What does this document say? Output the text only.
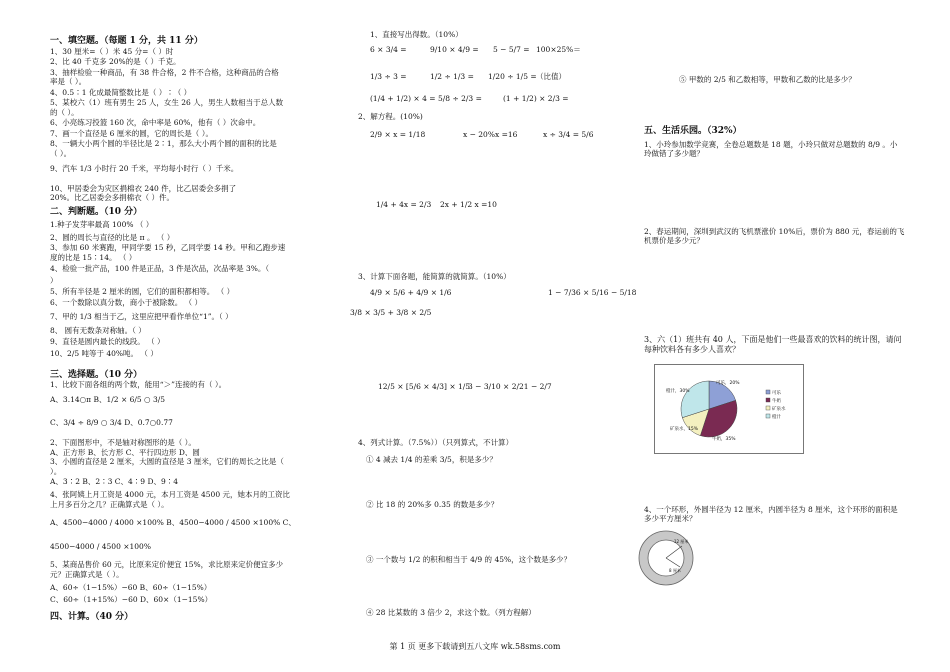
一、填空题。（每题 1 分，共 11 分）
1、30 厘米=（ ）米 45 分=（ ）时
2、比 40 千克多 20%的是（ ）千克。
3、抽样检验一种商品，有 38 件合格，2 件不合格，这种商品的合格
率是（ ）。
4、0.5∶1 化成最简整数比是（ ）∶（ ）
5、某校六（1）班有男生 25 人，女生 26 人，男生人数相当于总人数
的（ ）。
6、小亮练习投篮 160 次，命中率是 60%，他有（ ）次命中。
7、画一个直径是 6 厘米的圆，它的周长是（ ）。
8、一辆大小两个圆的半径比是 2∶1，那么大小两个圆的面积的比是
（ ）。
9、汽车 1/3 小时行 20 千米，平均每小时行（ ）千米。
10、甲居委会为灾区捐棉衣 240 件，比乙居委会多捐了
20%。比乙居委会多捐棉衣（ ）件。
二、判断题。（10 分）
1.种子发芽率最高 100% （ ）
2、圆的周长与直径的比是 π 。 （ ）
3、参加 60 米赛跑，甲同学要 15 秒，乙同学要 14 秒。甲和乙跑步速
度的比是 15∶14。 （ ）
4、检验一批产品，100 件是正品，3 件是次品，次品率是 3%。（
）
5、所有半径是 2 厘米的圆，它们的面积都相等。 （ ）
6、一个数除以真分数，商小于被除数。 （ ）
7、甲的 1/3 相当于乙，这里应把甲看作单位“1”。（ ）
8、 圆有无数条对称轴。（ ）
9、直径是圆内最长的线段。 （ ）
10、2/5 吨等于 40%吨。 （ ）
三、选择题。（10 分）
1、比较下面各组的两个数，能用“＞”连接的有（ ）。
A、3.14○π B、1/2 × 6/5 ○ 3/5
C、3/4 ÷ 8/9 ○ 3/4 D、0.7̇○0.7̇7̇
2、下面图形中，不是轴对称图形的是（ ）。
A、正方形 B、长方形 C、平行四边形 D、圆
3、小圆的直径是 2 厘米，大圆的直径是 3 厘米，它们的周长之比是（
）。
A、3∶2 B、2∶3 C、4∶9 D、9∶4
4、张阿姨上月工资是 4000 元，本月工资是 4500 元，她本月的工资比
上月多百分之几？正确算式是（ ）。
A、4500−4000 / 4000 ×100% B、4500−4000 / 4500 ×100% C、
4500−4000 / 4500 ×100%
5、某商品售价 60 元，比原来定价便宜 15%，求比原来定价便宜多少
元？正确算式是（ ）。
A、60÷（1−15%）−60 B、60÷（1−15%）
C、60÷（1+15%）−60 D、60×（1−15%）
四、计算。（40 分）
1、直接写出得数。（10%）
6 × 3/4 =	9/10 × 4/9 = 5 − 5/7 = 100×25%＝
1/3 ÷ 3 =	1/2 ÷ 1/3 = 1/20 ÷ 1/5 = （比值）
(1/4 + 1/2) × 4 = 5/8 ÷ 2/3 =	(1 + 1/2) × 2/3 =
2、解方程。(10%)
2/9 × x = 1/18	x − 20%x =16	x ÷ 3/4 = 5/6
1/4 + 4x = 2/3 2x + 1/2 x =10
3、计算下面各题，能简算的就简算。（10%）
4/9 × 5/6 + 4/9 × 1/6	1 − 7/36 × 5/16 − 5/18
3/8 × 3/5 + 3/8 × 2/5
12/5 × [5/6 × 4/3] × 1/5
3 − 3/10 × 2/21 − 2/7
4、列式计算。（7.5%））（只列算式，不计算）
① 4 减去 1/4 的差乘 3/5，积是多少？
② 比 18 的 20%多 0.35 的数是多少？
③ 一个数与 1/2 的积和相当于 4/9 的 45%，这个数是多少？
④ 28 比某数的 3 倍少 2，求这个数。（列方程解）
⑤ 甲数的 2/5 和乙数相等，甲数和乙数的比是多少？
五、生活乐园。（32%）
1、小玲参加数学竞赛，全卷总题数是 18 题，小玲只做对总题数的 8/9 。小玲做错了多少题？
2、春运期间，深圳到武汉的飞机票涨价 10%后，票价为 880 元，春运前的飞机票价是多少元？
3、六（1）班共有 40 人，下面是他们一些最喜欢的饮料的统计图，请问每种饮料各有多少人喜欢？
可乐，20%
牛奶，35%
矿泉水，15%
橙汁，30%	可乐
牛奶
矿泉水
橙汁
4、一个环形，外圆半径为 12 厘米，内圆半径为 8 厘米，这个环形的面积是多少平方厘米？
12 厘米
8 厘米
第 1 页 更多下载请到五八文库 wk.58sms.com
